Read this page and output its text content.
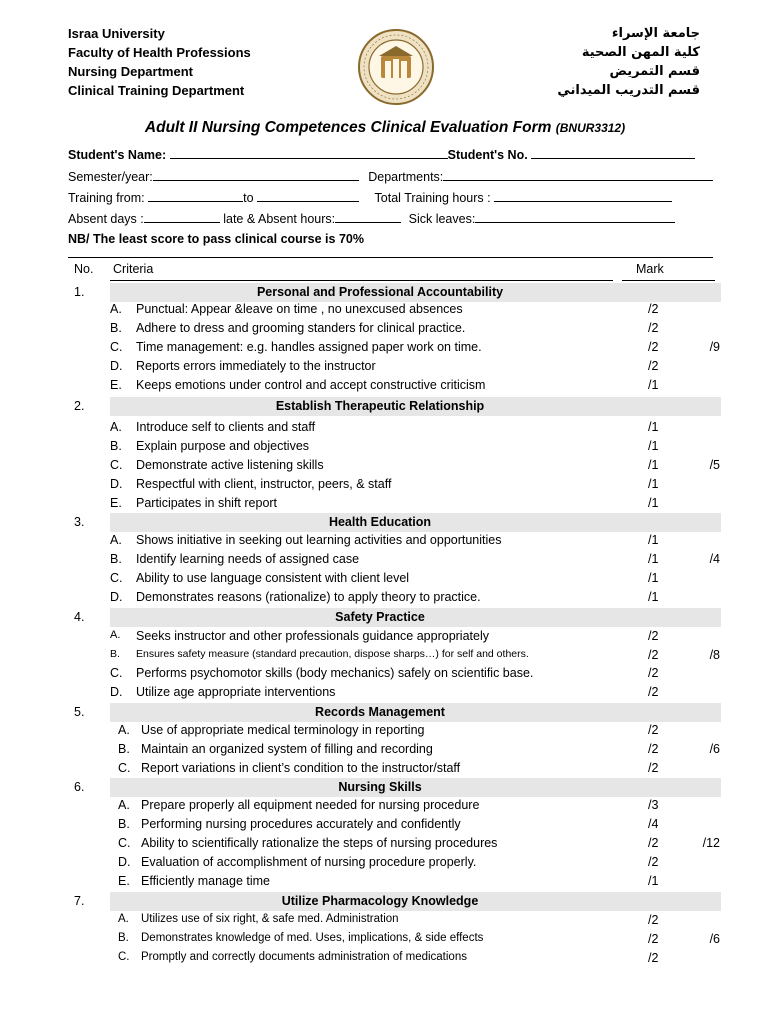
Israa University
Faculty of Health Professions
Nursing Department
Clinical Training Department
جامعة الإسراء
كلية المهن الصحية
قسم التمريض
قسم التدريب الميداني
Adult II Nursing Competences Clinical Evaluation Form (BNUR3312)
Student's Name:	Student's No.
Semester/year:	Departments:
Training from:	to	Total Training hours :
Absent days :	late & Absent hours:	Sick leaves:
NB/ The least score to pass clinical course is 70%
No. Criteria	Mark
1.	Personal and Professional Accountability
A.	Punctual: Appear &leave on time , no unexcused absences	/2
B.	Adhere to dress and grooming standers for clinical practice.	/2
C.	Time management: e.g. handles assigned paper work on time.	/2
D.	Reports errors immediately to the instructor	/2
E.	Keeps emotions under control and accept constructive criticism	/1
/9
2.	Establish Therapeutic Relationship
A.	Introduce self to clients and staff	/1
B.	Explain purpose and objectives	/1
C.	Demonstrate active listening skills	/1
D.	Respectful with client, instructor, peers, & staff	/1
E.	Participates in shift report	/1
/5
3.	Health Education
A.	Shows initiative in seeking out learning activities and opportunities	/1
B.	Identify learning needs of assigned case	/1
C.	Ability to use language consistent with client level	/1
D.	Demonstrates reasons (rationalize) to apply theory to practice.	/1
/4
4.	Safety Practice
A.	Seeks instructor and other professionals guidance appropriately	/2
B.	Ensures safety measure (standard precaution, dispose sharps…) for self and others.	/2
C.	Performs psychomotor skills (body mechanics) safely on scientific base.	/2
D.	Utilize age appropriate interventions	/2
/8
5.	Records Management
A. Use of appropriate medical terminology in reporting	/2
B. Maintain an organized system of filling and recording	/2
C. Report variations in client’s condition to the instructor/staff	/2
/6
6.	Nursing Skills
A. Prepare properly all equipment needed for nursing procedure	/3
B. Performing nursing procedures accurately and confidently	/4
C. Ability to scientifically rationalize the steps of nursing procedures	/2
D. Evaluation of accomplishment of nursing procedure properly.	/2
E. Efficiently manage time	/1
/12
7.	Utilize Pharmacology Knowledge
A.	Utilizes use of six right, & safe med. Administration	/2
B.	Demonstrates knowledge of med. Uses, implications, & side effects	/2
C.	Promptly and correctly documents administration of medications	/2
/6
